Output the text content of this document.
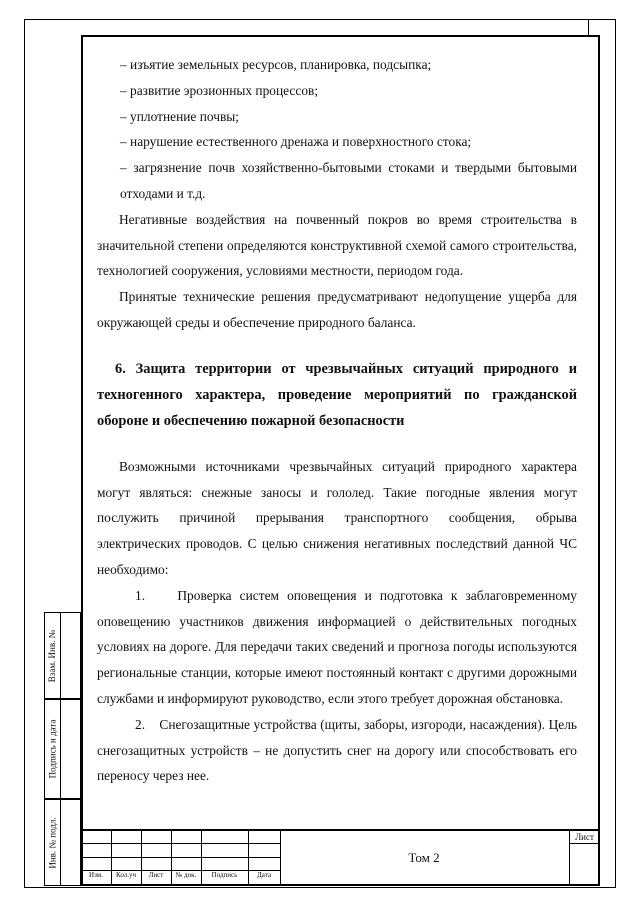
– изъятие земельных ресурсов, планировка, подсыпка;

– развитие эрозионных процессов;

– уплотнение почвы;

– нарушение естественного дренажа и поверхностного стока;

– загрязнение почв хозяйственно-бытовыми стоками и твердыми бытовыми отходами и т.д.

Негативные воздействия на почвенный покров во время строительства в значительной степени определяются конструктивной схемой самого строительства, технологией сооружения, условиями местности, периодом года.

Принятые технические решения предусматривают недопущение ущерба для окружающей среды и обеспечение природного баланса.

6. Защита территории от чрезвычайных ситуаций природного и техногенного характера, проведение мероприятий по гражданской обороне и обеспечению пожарной безопасности

Возможными источниками чрезвычайных ситуаций природного характера могут являться: снежные заносы и гололед. Такие погодные явления могут послужить причиной прерывания транспортного сообщения, обрыва электрических проводов. С целью снижения негативных последствий данной ЧС необходимо:

1.    Проверка систем оповещения и подготовка к заблаговременному оповещению участников движения информацией о действительных погодных условиях на дороге. Для передачи таких сведений и прогноза погоды используются региональные станции, которые имеют постоянный контакт с другими дорожными службами и информируют руководство, если этого требует дорожная обстановка.

2.    Снегозащитные устройства (щиты, заборы, изгороди, насаждения). Цель снегозащитных устройств – не допустить снег на дорогу или способствовать его переносу через нее.

Взам. Инв. №
Подпись и дата
Инв. № подл.
Изм.	Кол.уч	Лист	№ док.	Подпись	Дата
Том 2
Лист
